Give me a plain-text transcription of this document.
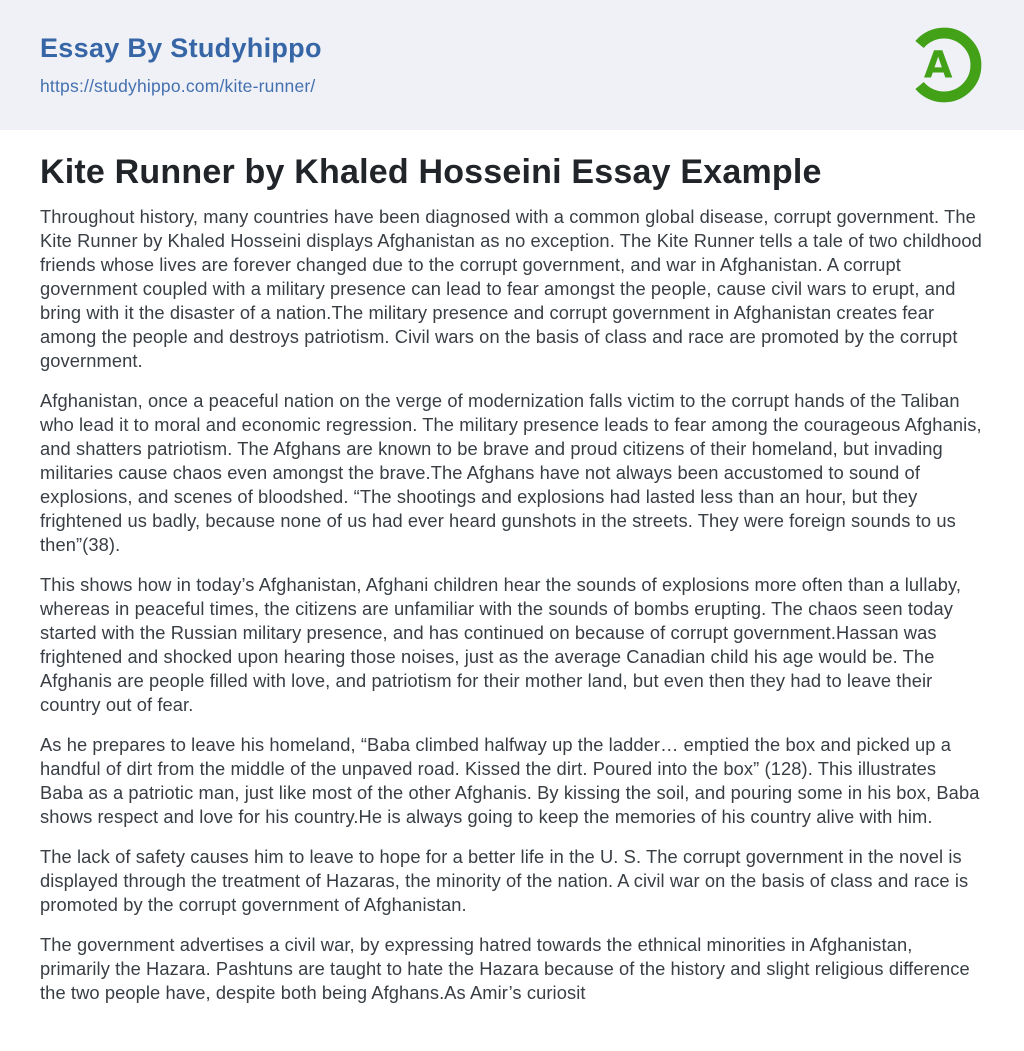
Essay By Studyhippo
https://studyhippo.com/kite-runner/	A
Kite Runner by Khaled Hosseini Essay Example

Throughout history, many countries have been diagnosed with a common global disease, corrupt government. The Kite Runner by Khaled Hosseini displays Afghanistan as no exception. The Kite Runner tells a tale of two childhood friends whose lives are forever changed due to the corrupt government, and war in Afghanistan. A corrupt government coupled with a military presence can lead to fear amongst the people, cause civil wars to erupt, and bring with it the disaster of a nation.The military presence and corrupt government in Afghanistan creates fear among the people and destroys patriotism. Civil wars on the basis of class and race are promoted by the corrupt government.

Afghanistan, once a peaceful nation on the verge of modernization falls victim to the corrupt hands of the Taliban who lead it to moral and economic regression. The military presence leads to fear among the courageous Afghanis, and shatters patriotism. The Afghans are known to be brave and proud citizens of their homeland, but invading militaries cause chaos even amongst the brave.The Afghans have not always been accustomed to sound of explosions, and scenes of bloodshed. “The shootings and explosions had lasted less than an hour, but they frightened us badly, because none of us had ever heard gunshots in the streets. They were foreign sounds to us then”(38).

This shows how in today’s Afghanistan, Afghani children hear the sounds of explosions more often than a lullaby, whereas in peaceful times, the citizens are unfamiliar with the sounds of bombs erupting. The chaos seen today started with the Russian military presence, and has continued on because of corrupt government.Hassan was frightened and shocked upon hearing those noises, just as the average Canadian child his age would be. The Afghanis are people filled with love, and patriotism for their mother land, but even then they had to leave their country out of fear.

As he prepares to leave his homeland, “Baba climbed halfway up the ladder… emptied the box and picked up a handful of dirt from the middle of the unpaved road. Kissed the dirt. Poured into the box” (128). This illustrates Baba as a patriotic man, just like most of the other Afghanis. By kissing the soil, and pouring some in his box, Baba shows respect and love for his country.He is always going to keep the memories of his country alive with him.

The lack of safety causes him to leave to hope for a better life in the U. S. The corrupt government in the novel is displayed through the treatment of Hazaras, the minority of the nation. A civil war on the basis of class and race is promoted by the corrupt government of Afghanistan.

The government advertises a civil war, by expressing hatred towards the ethnical minorities in Afghanistan, primarily the Hazara. Pashtuns are taught to hate the Hazara because of the history and slight religious difference the two people have, despite both being Afghans.As Amir’s curiosit
